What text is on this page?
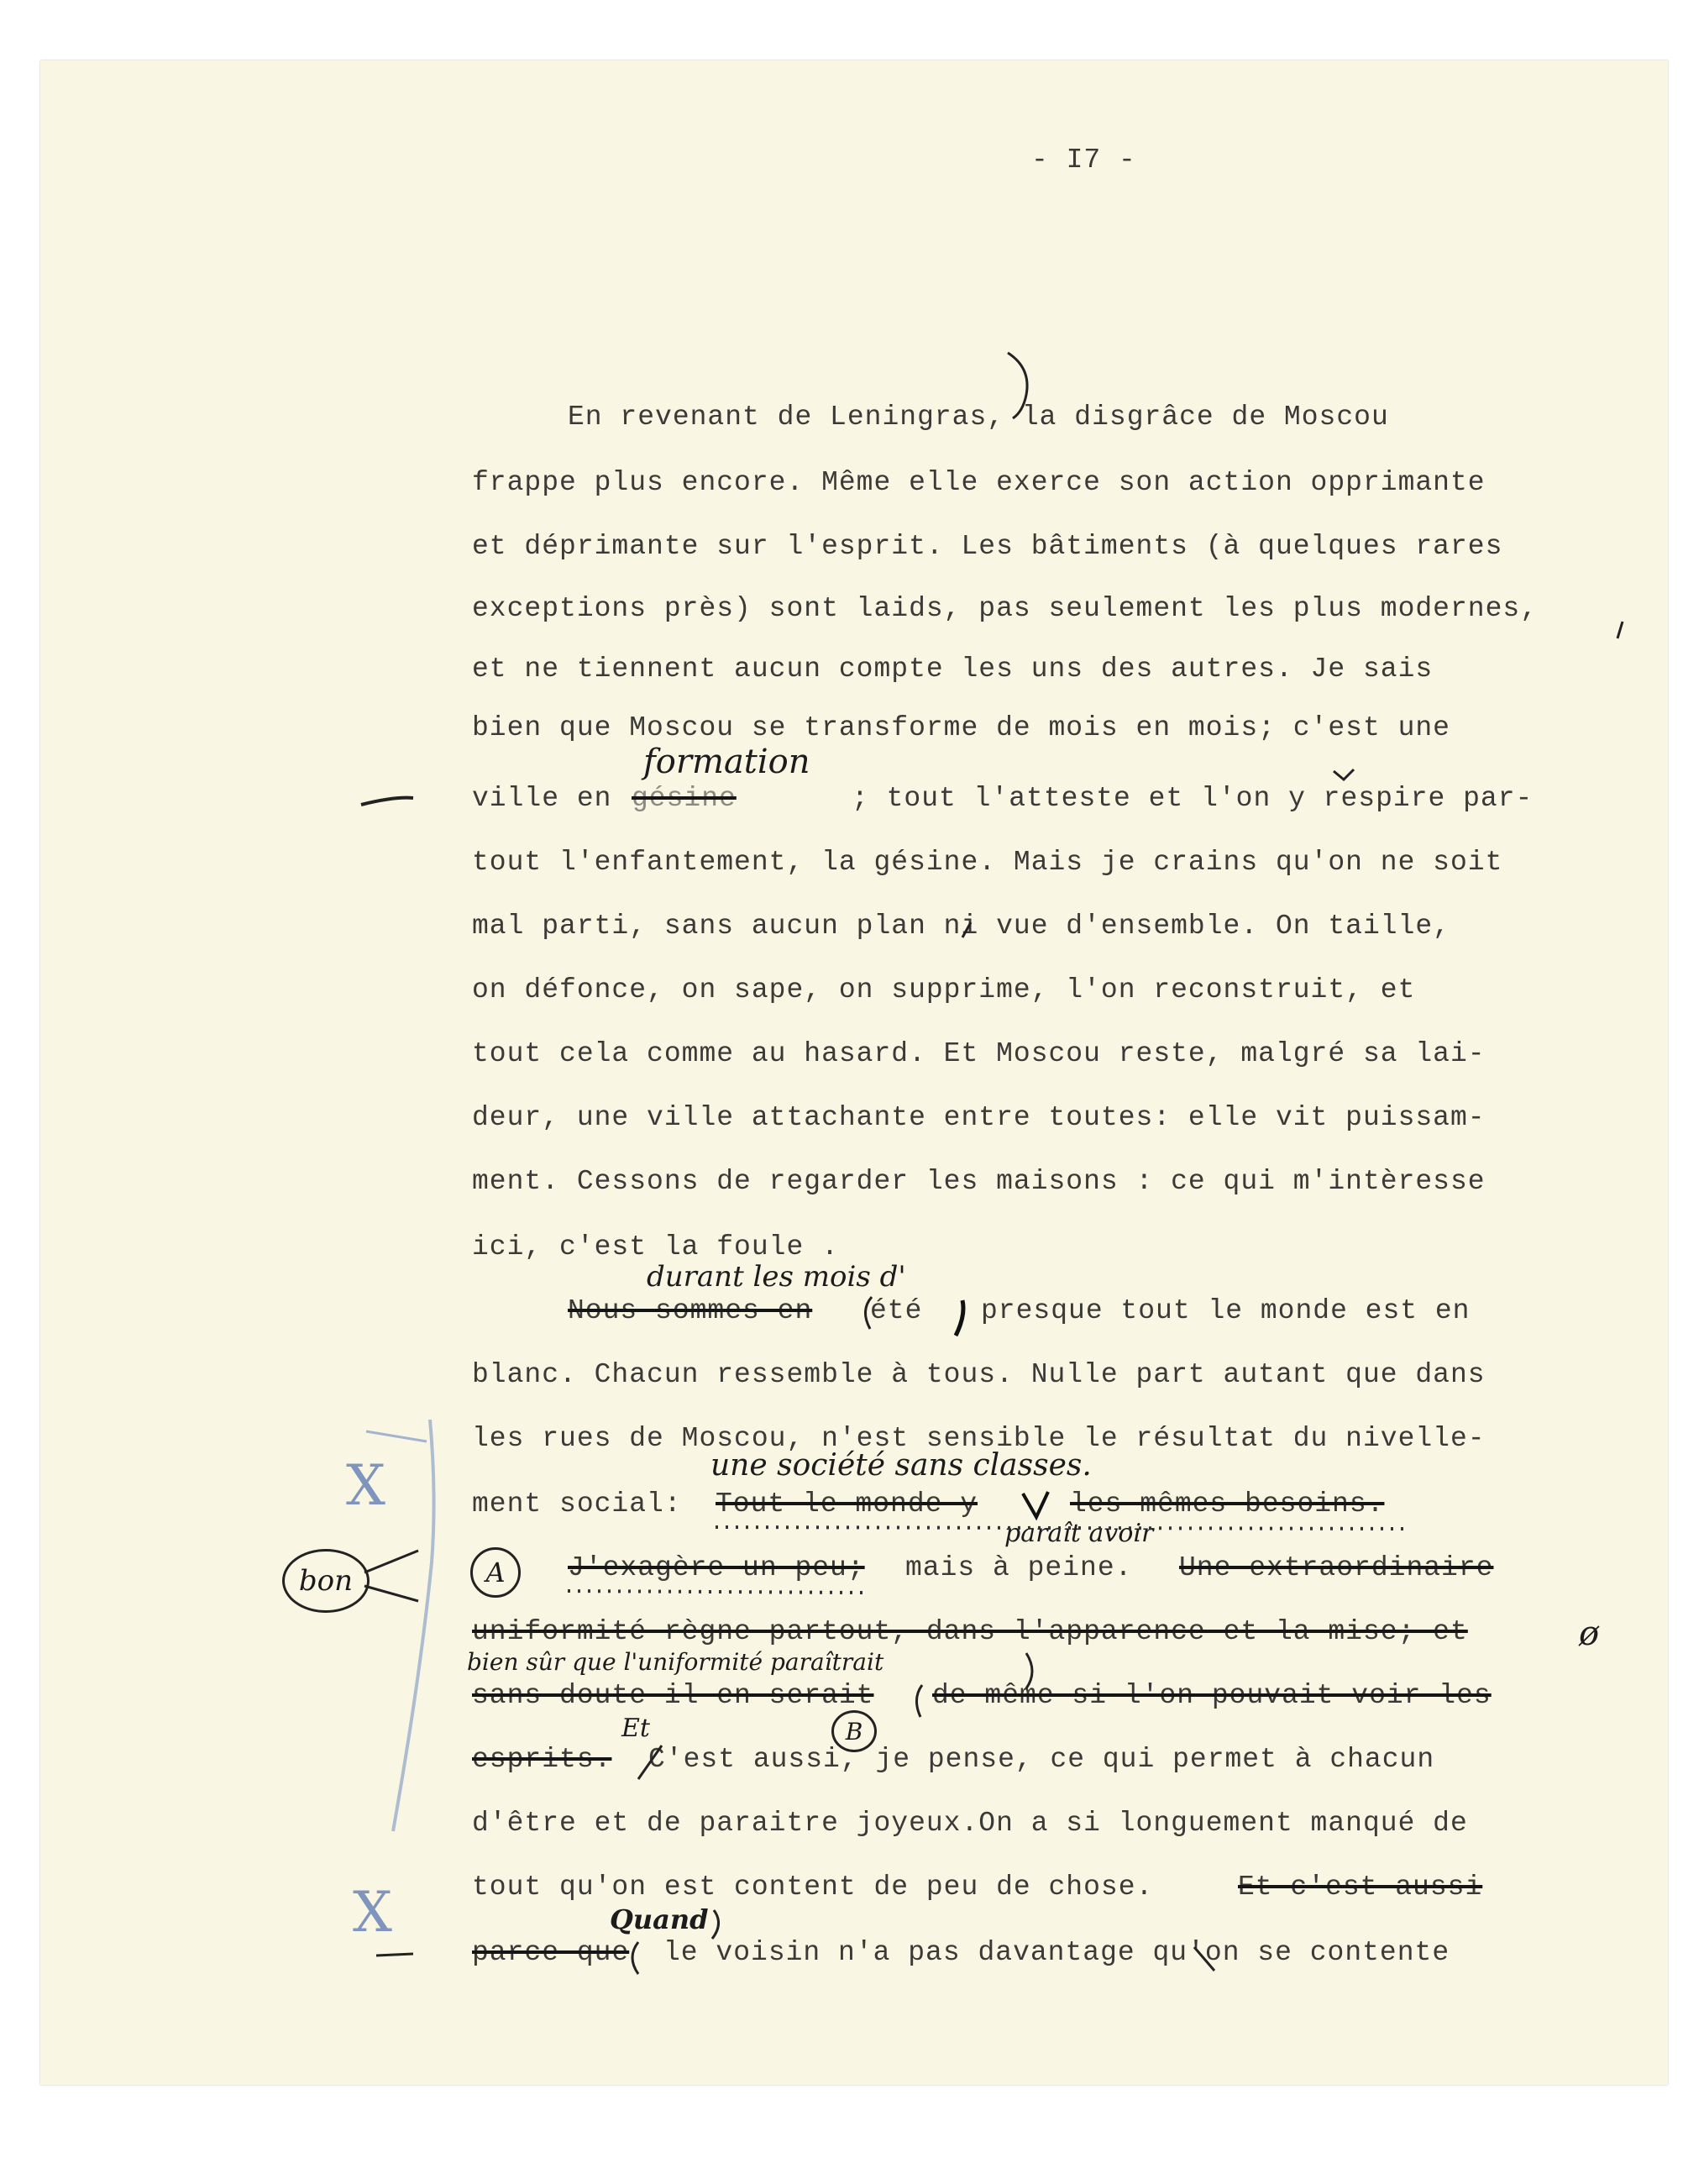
- I7 -
En revenant de Leningras, la disgrâce de Moscou
frappe plus encore. Même elle exerce son action opprimante
et déprimante sur l'esprit. Les bâtiments (à quelques rares
exceptions près) sont laids, pas seulement les plus modernes,
et ne tiennent aucun compte les uns des autres. Je sais
bien que Moscou se transforme de mois en mois; c'est une
ville en gésine	; tout l'atteste et l'on y respire par-
tout l'enfantement, la gésine. Mais je crains qu'on ne soit
mal parti, sans aucun plan ni vue d'ensemble. On taille,
on défonce, on sape, on supprime, l'on reconstruit, et
tout cela comme au hasard. Et Moscou reste, malgré sa lai-
deur, une ville attachante entre toutes: elle vit puissam-
ment. Cessons de regarder les maisons : ce qui m'intèresse
ici, c'est la foule .
Nous sommes en été presque tout le monde est en
blanc. Chacun ressemble à tous. Nulle part autant que dans
les rues de Moscou, n'est sensible le résultat du nivelle-
ment social: Tout le monde y	les mêmes besoins.
J'exagère un peu; mais à peine. Une extraordinaire
uniformité règne partout, dans l'apparence et la mise; et
sans doute il en serait de même si l'on pouvait voir les
esprits. C'est aussi, je pense, ce qui permet à chacun
d'être et de paraitre joyeux.On a si longuement manqué de
tout qu'on est content de peu de chose.	Et c'est aussi
parce que le voisin n'a pas davantage qu'on se contente
formation
durant les mois d'
une société sans classes.
paraît avoir
bien sûr que l'uniformité paraîtrait
Et
Quand
ø
bon	A
B
X
X
